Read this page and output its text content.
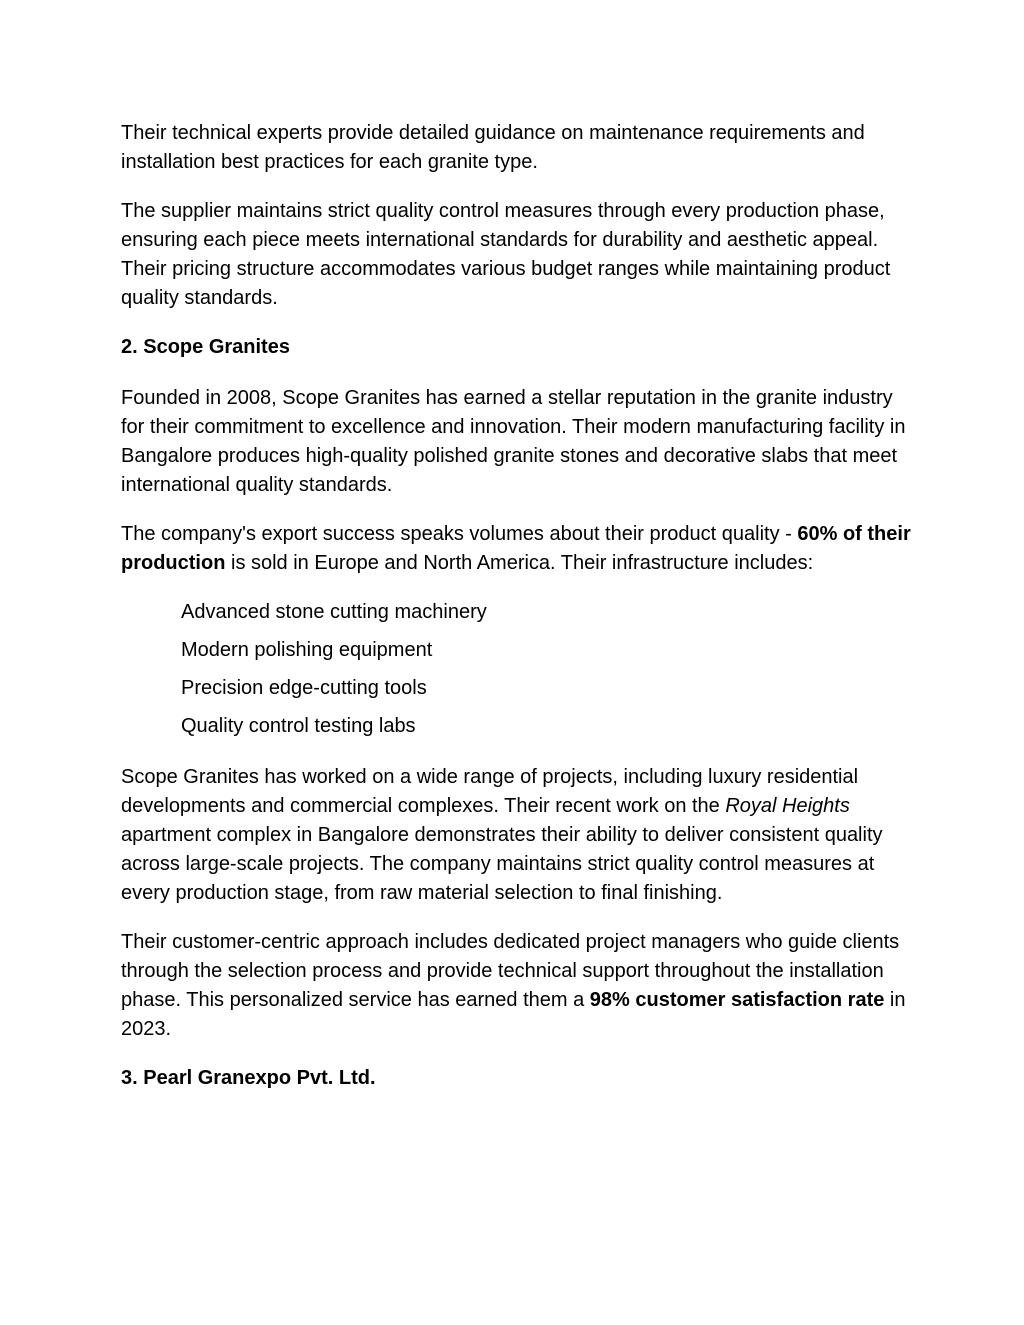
Their technical experts provide detailed guidance on maintenance requirements and installation best practices for each granite type.

The supplier maintains strict quality control measures through every production phase, ensuring each piece meets international standards for durability and aesthetic appeal. Their pricing structure accommodates various budget ranges while maintaining product quality standards.

2. Scope Granites

Founded in 2008, Scope Granites has earned a stellar reputation in the granite industry for their commitment to excellence and innovation. Their modern manufacturing facility in Bangalore produces high-quality polished granite stones and decorative slabs that meet international quality standards.

The company's export success speaks volumes about their product quality - 60% of their production is sold in Europe and North America. Their infrastructure includes:

Advanced stone cutting machinery
Modern polishing equipment
Precision edge-cutting tools
Quality control testing labs

Scope Granites has worked on a wide range of projects, including luxury residential developments and commercial complexes. Their recent work on the Royal Heights apartment complex in Bangalore demonstrates their ability to deliver consistent quality across large-scale projects. The company maintains strict quality control measures at every production stage, from raw material selection to final finishing.

Their customer-centric approach includes dedicated project managers who guide clients through the selection process and provide technical support throughout the installation phase. This personalized service has earned them a 98% customer satisfaction rate in 2023.

3. Pearl Granexpo Pvt. Ltd.
